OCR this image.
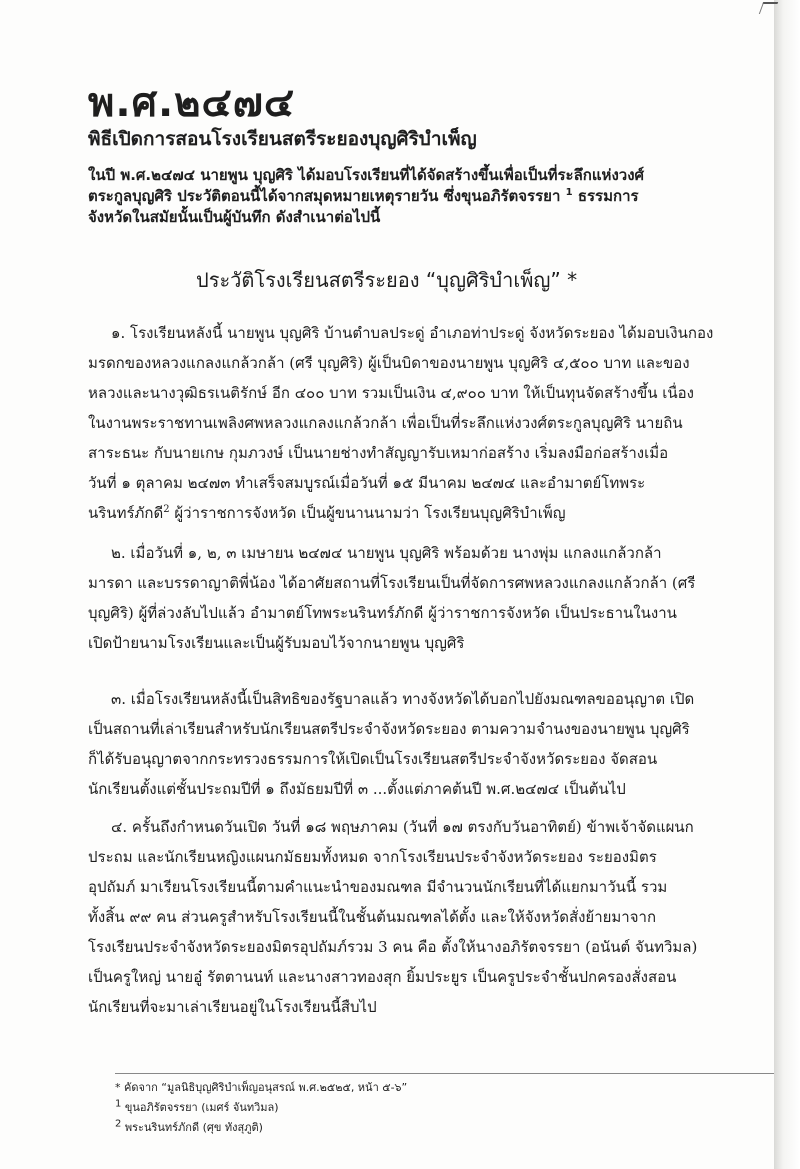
พ.ศ.๒๔๗๔
พิธีเปิดการสอนโรงเรียนสตรีระยองบุญศิริบำเพ็ญ

ในปี พ.ศ.๒๔๗๔ นายพูน บุญศิริ ได้มอบโรงเรียนที่ได้จัดสร้างขึ้นเพื่อเป็นที่ระลึกแห่งวงศ์
ตระกูลบุญศิริ ประวัติตอนนี้ได้จากสมุดหมายเหตุรายวัน ซึ่งขุนอภิรัตจรรยา $^1$ ธรรมการ
จังหวัดในสมัยนั้นเป็นผู้บันทึก ดังสำเนาต่อไปนี้

ประวัติโรงเรียนสตรีระยอง “บุญศิริบำเพ็ญ” *

๑. โรงเรียนหลังนี้ นายพูน บุญศิริ บ้านตำบลประดู่ อำเภอท่าประดู่ จังหวัดระยอง ได้มอบเงินกอง
มรดกของหลวงแกลงแกล้วกล้า (ศรี บุญศิริ) ผู้เป็นบิดาของนายพูน บุญศิริ ๔,๕๐๐ บาท และของ
หลวงและนางวุฒิธรเนติรักษ์ อีก ๔๐๐ บาท รวมเป็นเงิน ๔,๙๐๐ บาท ให้เป็นทุนจัดสร้างขึ้น เนื่อง
ในงานพระราชทานเพลิงศพหลวงแกลงแกล้วกล้า เพื่อเป็นที่ระลึกแห่งวงศ์ตระกูลบุญศิริ นายถิน
สาระธนะ กับนายเกษ กุมภวงษ์ เป็นนายช่างทำสัญญารับเหมาก่อสร้าง เริ่มลงมือก่อสร้างเมื่อ
วันที่ ๑ ตุลาคม ๒๔๗๓ ทำเสร็จสมบูรณ์เมื่อวันที่ ๑๕ มีนาคม ๒๔๗๔ และอำมาตย์โทพระ
นรินทร์ภักดี$^2$ ผู้ว่าราชการจังหวัด เป็นผู้ขนานนามว่า โรงเรียนบุญศิริบำเพ็ญ

๒. เมื่อวันที่ ๑, ๒, ๓ เมษายน ๒๔๗๔ นายพูน บุญศิริ พร้อมด้วย นางพุ่ม แกลงแกล้วกล้า
มารดา และบรรดาญาติพี่น้อง ได้อาศัยสถานที่โรงเรียนเป็นที่จัดการศพหลวงแกลงแกล้วกล้า (ศรี
บุญศิริ) ผู้ที่ล่วงลับไปแล้ว อำมาตย์โทพระนรินทร์ภักดี ผู้ว่าราชการจังหวัด เป็นประธานในงาน
เปิดป้ายนามโรงเรียนและเป็นผู้รับมอบไว้จากนายพูน บุญศิริ

๓. เมื่อโรงเรียนหลังนี้เป็นสิทธิของรัฐบาลแล้ว ทางจังหวัดได้บอกไปยังมณฑลขออนุญาต เปิด
เป็นสถานที่เล่าเรียนสำหรับนักเรียนสตรีประจำจังหวัดระยอง ตามความจำนงของนายพูน บุญศิริ
ก็ได้รับอนุญาตจากกระทรวงธรรมการให้เปิดเป็นโรงเรียนสตรีประจำจังหวัดระยอง จัดสอน
นักเรียนตั้งแต่ชั้นประถมปีที่ ๑ ถึงมัธยมปีที่ ๓ ...ตั้งแต่ภาคต้นปี พ.ศ.๒๔๗๔ เป็นต้นไป

๔. ครั้นถึงกำหนดวันเปิด วันที่ ๑๘ พฤษภาคม (วันที่ ๑๗ ตรงกับวันอาทิตย์) ข้าพเจ้าจัดแผนก
ประถม และนักเรียนหญิงแผนกมัธยมทั้งหมด จากโรงเรียนประจำจังหวัดระยอง ระยองมิตร
อุปถัมภ์ มาเรียนโรงเรียนนี้ตามคำแนะนำของมณฑล มีจำนวนนักเรียนที่ได้แยกมาวันนี้ รวม
ทั้งสิ้น ๙๙ คน ส่วนครูสำหรับโรงเรียนนี้ในชั้นต้นมณฑลได้ตั้ง และให้จังหวัดสั่งย้ายมาจาก
โรงเรียนประจำจังหวัดระยองมิตรอุปถัมภ์รวม 3 คน คือ ตั้งให้นางอภิรัตจรรยา (อนันต์ จันทวิมล)
เป็นครูใหญ่ นายอู๋ รัตตานนท์ และนางสาวทองสุก ยิ้มประยูร เป็นครูประจำชั้นปกครองสั่งสอน
นักเรียนที่จะมาเล่าเรียนอยู่ในโรงเรียนนี้สืบไป

* คัดจาก “มูลนิธิบุญศิริบำเพ็ญอนุสรณ์ พ.ศ.๒๕๒๕, หน้า ๕-๖”
$^1$ ขุนอภิรัตจรรยา (เมศร์ จันทวิมล)
$^2$ พระนรินทร์ภักดี (ศุข ทังสุภูติ)
